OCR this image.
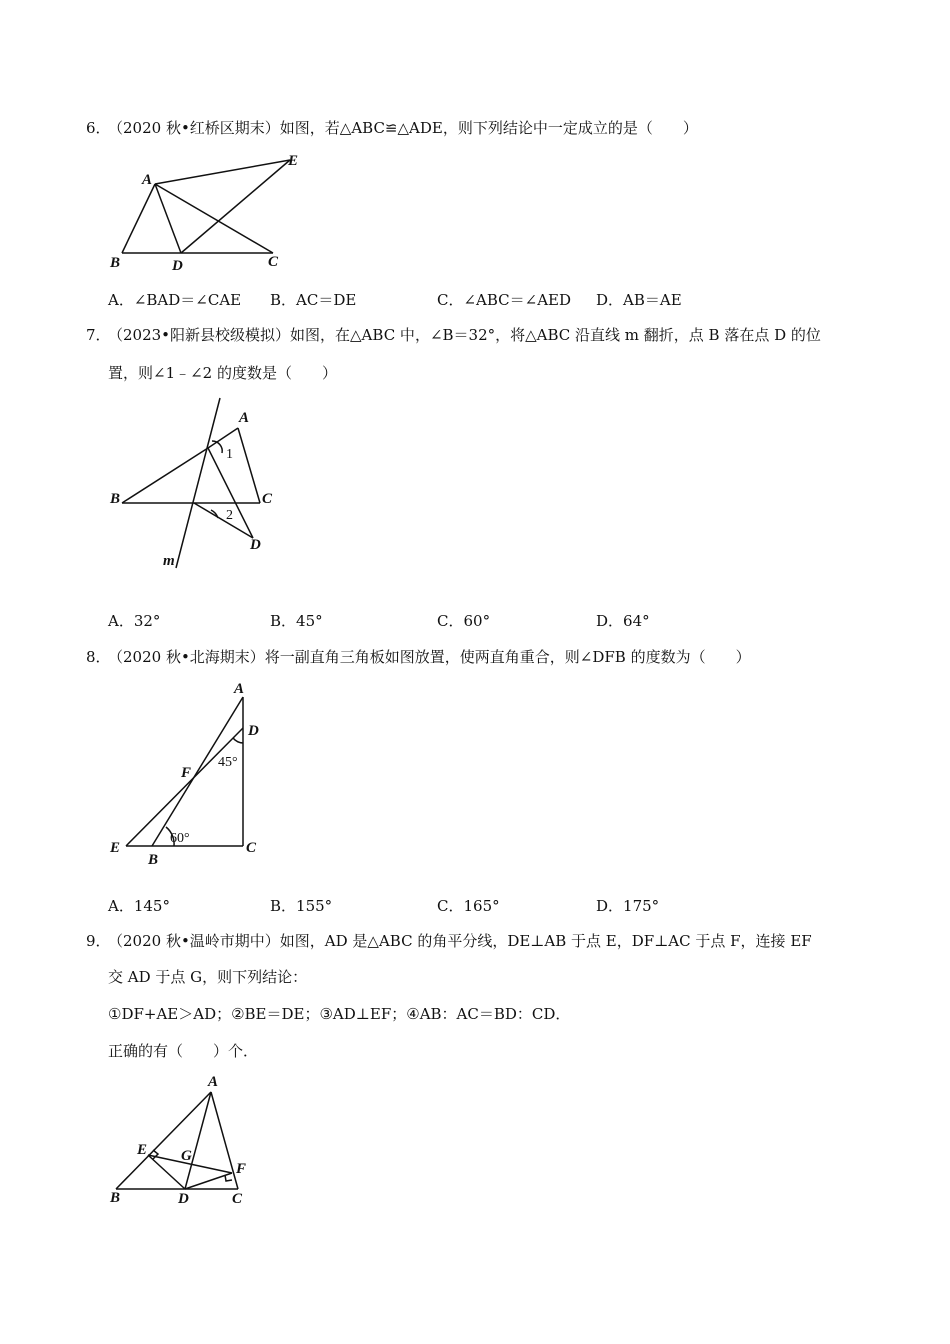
6．（2020 秋•红桥区期末）如图，若△ABC≌△ADE，则下列结论中一定成立的是（　　）
A
B	D	C
E
A．∠BAD＝∠CAE B．AC＝DE	C．∠ABC＝∠AED D．AB＝AE
7．（2023•阳新县校级模拟）如图，在△ABC 中，∠B＝32°，将△ABC 沿直线 m 翻折，点 B 落在点 D 的位
置，则∠1﹣∠2 的度数是（　　）
A
B	C
D
m
1
2
A．32°	B．45°	C．60°	D．64°
8．（2020 秋•北海期末）将一副直角三角板如图放置，使两直角重合，则∠DFB 的度数为（　　）
A
D
F
E
B
C
45°
60°
A．145°	B．155°	C．165°	D．175°
9．（2020 秋•温岭市期中）如图，AD 是△ABC 的角平分线，DE⊥AB 于点 E，DF⊥AC 于点 F，连接 EF
交 AD 于点 G，则下列结论：
①DF+AE＞AD；②BE＝DE；③AD⊥EF；④AB：AC＝BD：CD．
正确的有（　　）个．
A
E G
F
B	D	C
